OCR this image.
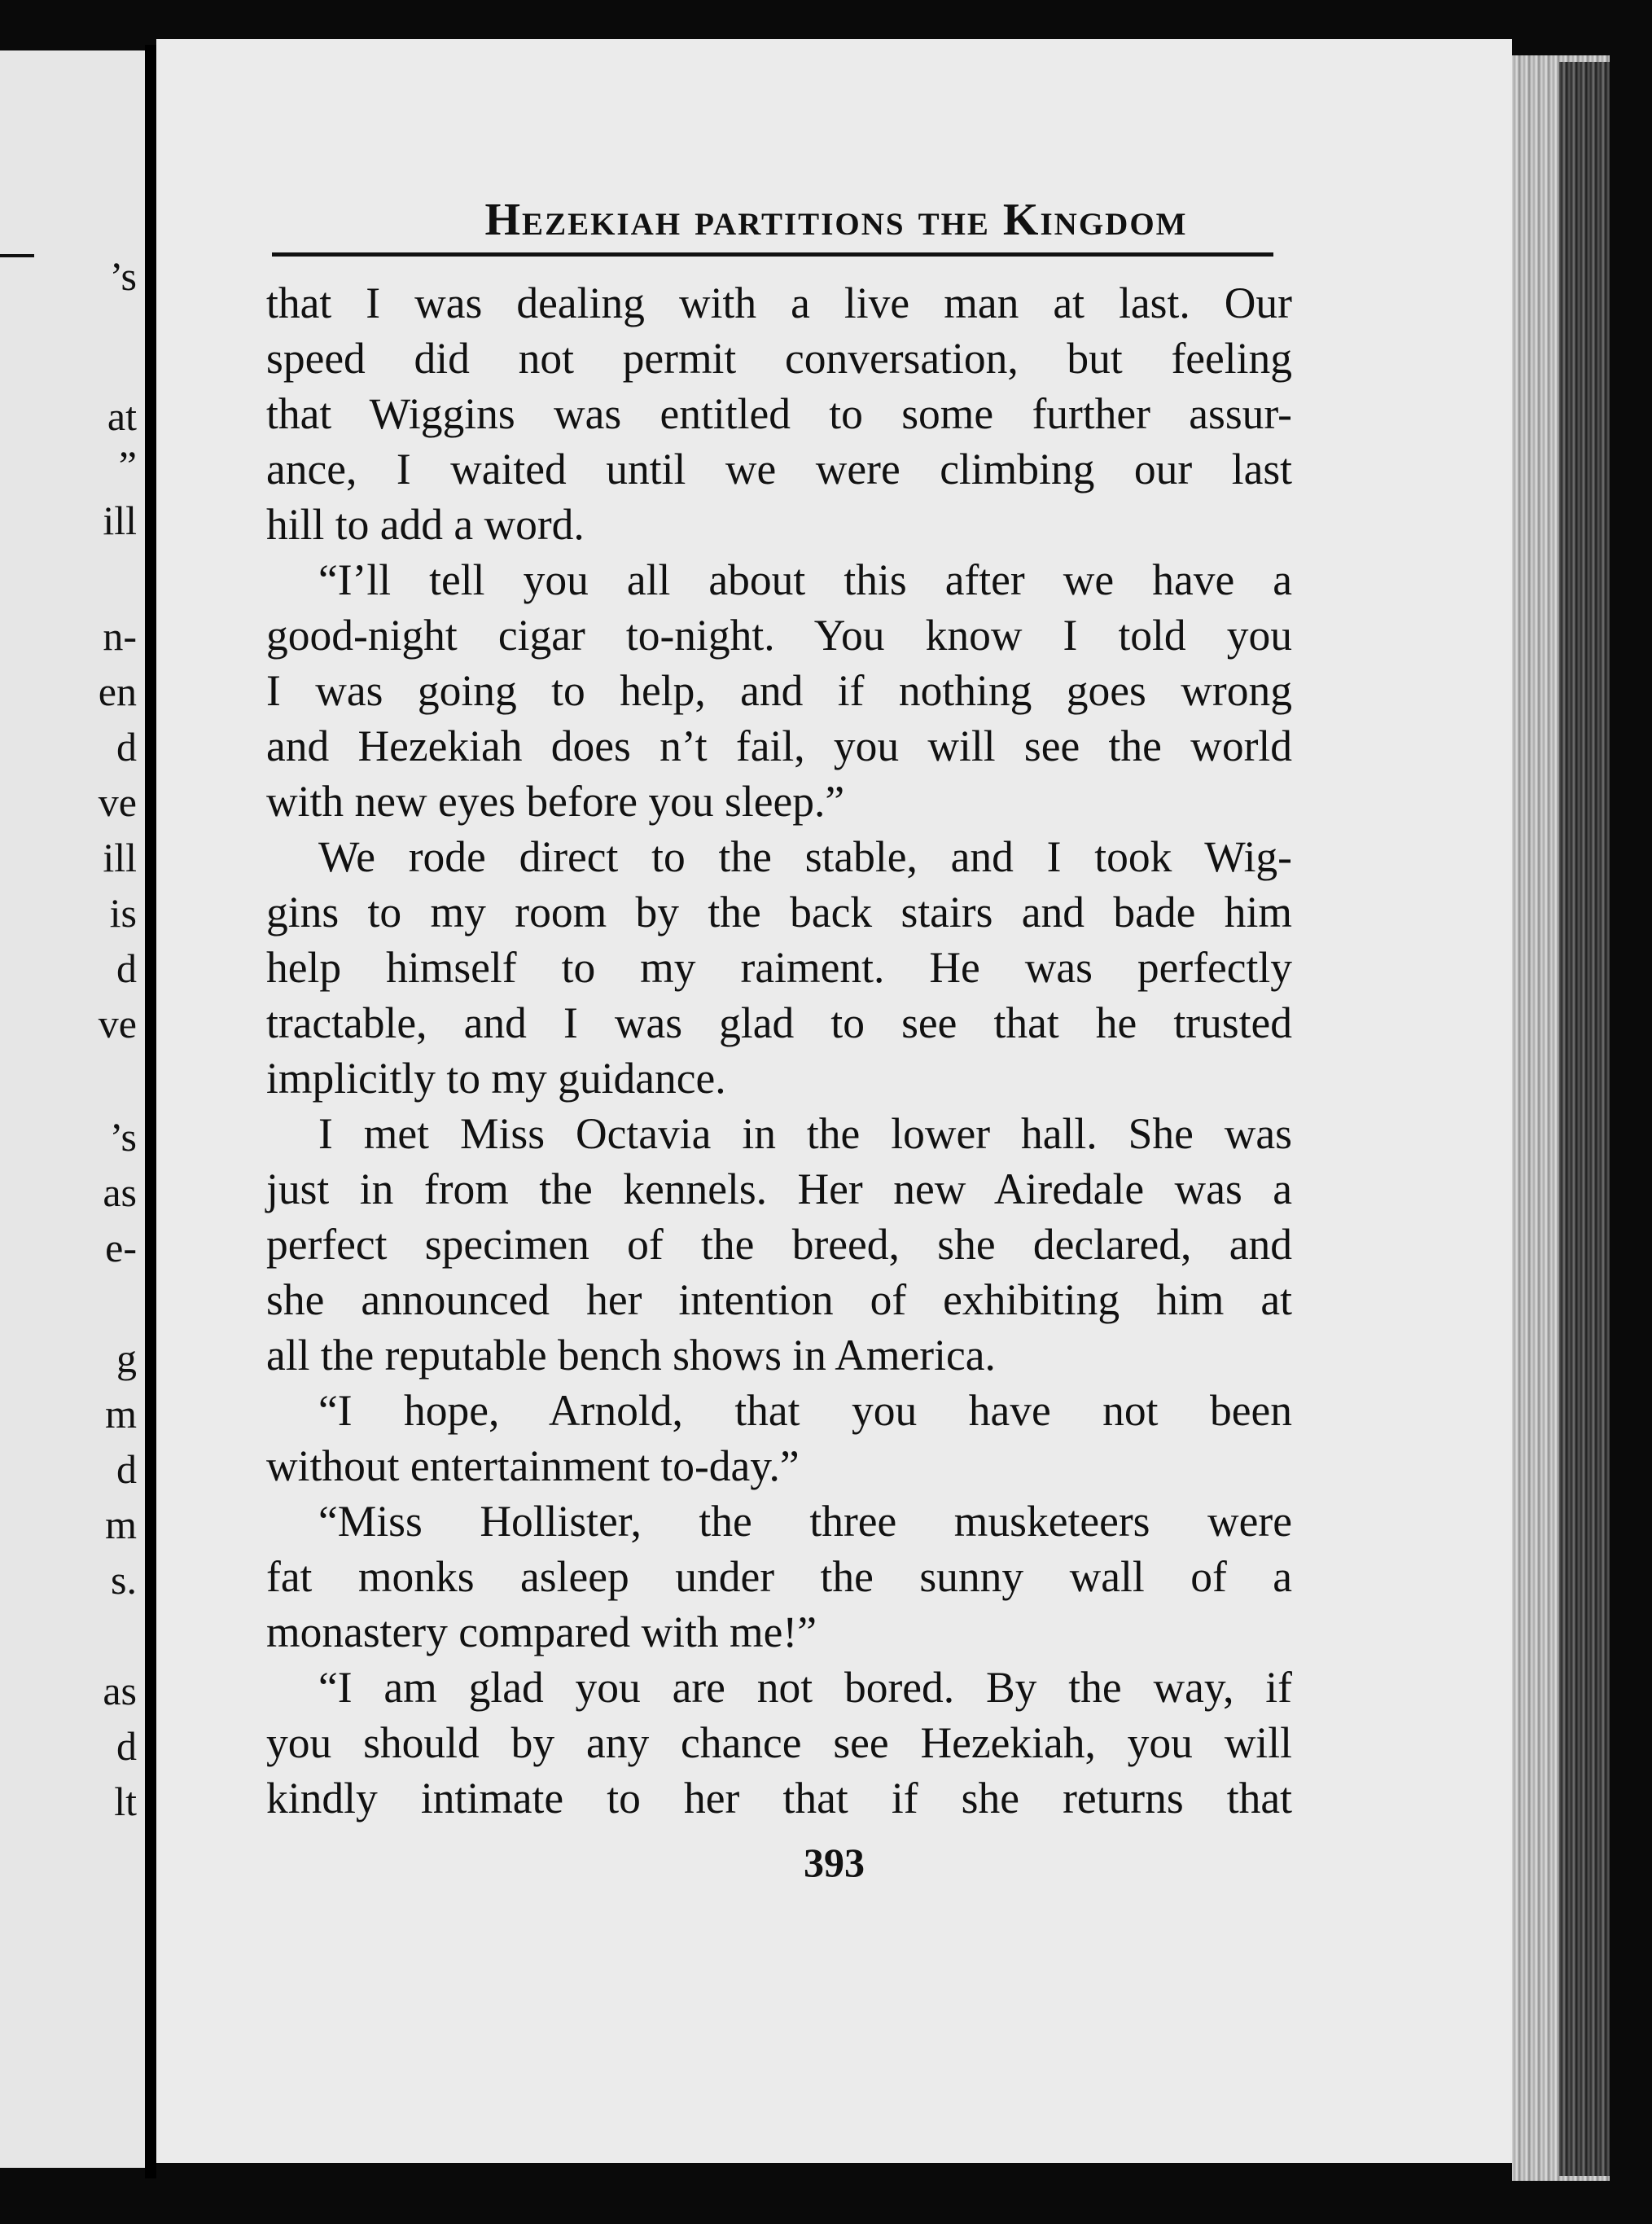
’s
at
”
ill
n-
en
d
ve
ill
is
d
ve
’s
as
e-
g
m
d
m
s.
as
d
lt
Hezekiah partitions the Kingdom
that I was dealing with a live man at last. Our
speed did not permit conversation, but feeling
that Wiggins was entitled to some further assur-
ance, I waited until we were climbing our last
hill to add a word.
“I’ll tell you all about this after we have a
good-night cigar to-night. You know I told you
I was going to help, and if nothing goes wrong
and Hezekiah does n’t fail, you will see the world
with new eyes before you sleep.”
We rode direct to the stable, and I took Wig-
gins to my room by the back stairs and bade him
help himself to my raiment. He was perfectly
tractable, and I was glad to see that he trusted
implicitly to my guidance.
I met Miss Octavia in the lower hall. She was
just in from the kennels. Her new Airedale was a
perfect specimen of the breed, she declared, and
she announced her intention of exhibiting him at
all the reputable bench shows in America.
“I hope, Arnold, that you have not been
without entertainment to-day.”
“Miss Hollister, the three musketeers were
fat monks asleep under the sunny wall of a
monastery compared with me!”
“I am glad you are not bored. By the way, if
you should by any chance see Hezekiah, you will
kindly intimate to her that if she returns that
393
